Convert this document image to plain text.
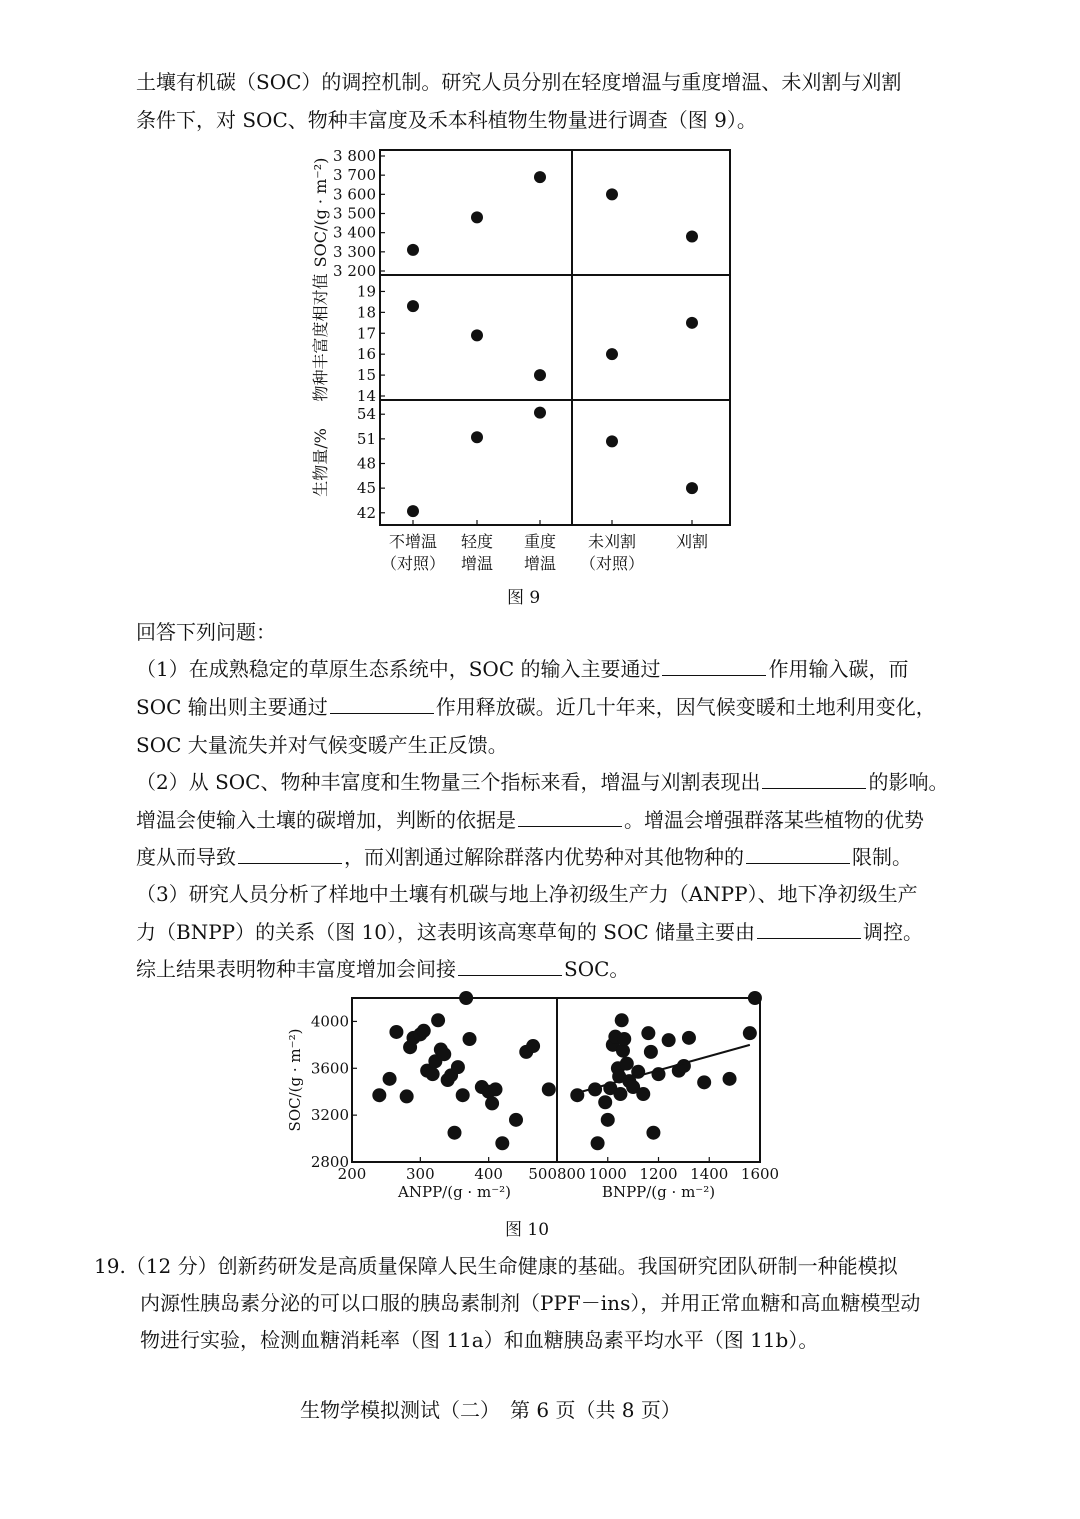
土壤有机碳（SOC）的调控机制。研究人员分别在轻度增温与重度增温、未刈割与刈割
条件下，对 SOC、物种丰富度及禾本科植物生物量进行调查（图 9）。
3 200
3 300
3 400
3 500
3 600
3 700
3 800
SOC/(g · m⁻²)
14
15
16
17
18
19
物种丰富度相对值
42
45
48
51
54
生物量/%
不增温
（对照）
轻度
增温
重度
增温
未刈割
（对照）
刈割
图 9
回答下列问题：
（1）在成熟稳定的草原生态系统中，SOC 的输入主要通过	作用输入碳，而
SOC 输出则主要通过	作用释放碳。近几十年来，因气候变暖和土地利用变化，
SOC 大量流失并对气候变暖产生正反馈。
（2）从 SOC、物种丰富度和生物量三个指标来看，增温与刈割表现出	的影响。
增温会使输入土壤的碳增加，判断的依据是	。增温会增强群落某些植物的优势
度从而导致	，而刈割通过解除群落内优势种对其他物种的	限制。
（3）研究人员分析了样地中土壤有机碳与地上净初级生产力（ANPP）、地下净初级生产
力（BNPP）的关系（图 10），这表明该高寒草甸的 SOC 储量主要由	调控。
综上结果表明物种丰富度增加会间接	SOC。
200	300	400 500
ANPP/(g · m⁻²)
800 1000 1200 1400 1600
BNPP/(g · m⁻²)
2800
3200
3600
4000
SOC/(g · m⁻²)
图 10
19.（12 分）创新药研发是高质量保障人民生命健康的基础。我国研究团队研制一种能模拟
内源性胰岛素分泌的可以口服的胰岛素制剂（PPF－ins），并用正常血糖和高血糖模型动
物进行实验，检测血糖消耗率（图 11a）和血糖胰岛素平均水平（图 11b）。
生物学模拟测试（二）　第 6 页（共 8 页）
